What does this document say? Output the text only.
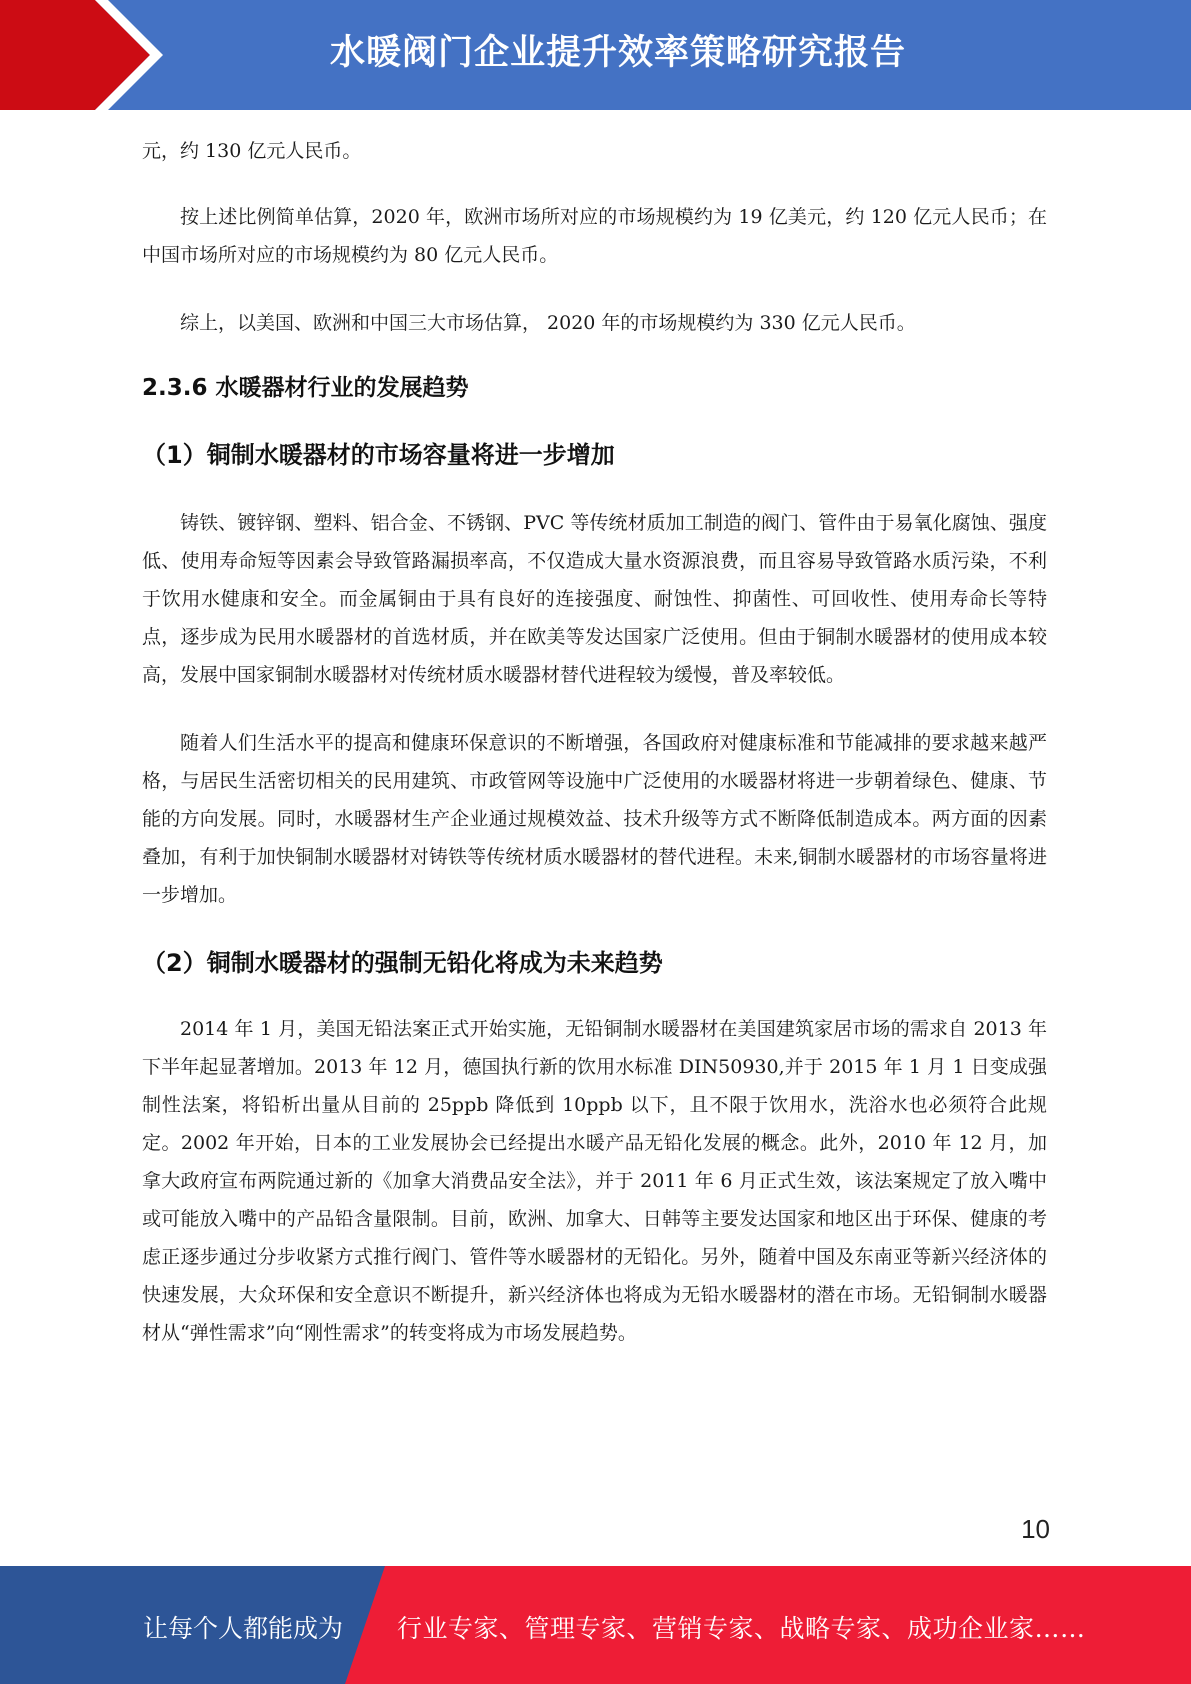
水暖阀门企业提升效率策略研究报告

元，约 130 亿元人民币。

按上述比例简单估算，2020 年，欧洲市场所对应的市场规模约为 19 亿美元，约 120 亿元人民币；在中国市场所对应的市场规模约为 80 亿元人民币。

综上，以美国、欧洲和中国三大市场估算， 2020 年的市场规模约为 330 亿元人民币。

2.3.6 水暖器材行业的发展趋势
（1）铜制水暖器材的市场容量将进一步增加

铸铁、镀锌钢、塑料、铝合金、不锈钢、PVC 等传统材质加工制造的阀门、管件由于易氧化腐蚀、强度低、使用寿命短等因素会导致管路漏损率高，不仅造成大量水资源浪费，而且容易导致管路水质污染，不利于饮用水健康和安全。而金属铜由于具有良好的连接强度、耐蚀性、抑菌性、可回收性、使用寿命长等特点，逐步成为民用水暖器材的首选材质，并在欧美等发达国家广泛使用。但由于铜制水暖器材的使用成本较高，发展中国家铜制水暖器材对传统材质水暖器材替代进程较为缓慢，普及率较低。

随着人们生活水平的提高和健康环保意识的不断增强，各国政府对健康标准和节能减排的要求越来越严格，与居民生活密切相关的民用建筑、市政管网等设施中广泛使用的水暖器材将进一步朝着绿色、健康、节能的方向发展。同时，水暖器材生产企业通过规模效益、技术升级等方式不断降低制造成本。两方面的因素叠加，有利于加快铜制水暖器材对铸铁等传统材质水暖器材的替代进程。未来,铜制水暖器材的市场容量将进一步增加。

（2）铜制水暖器材的强制无铅化将成为未来趋势

2014 年 1 月，美国无铅法案正式开始实施，无铅铜制水暖器材在美国建筑家居市场的需求自 2013 年下半年起显著增加。2013 年 12 月，德国执行新的饮用水标准 DIN50930,并于 2015 年 1 月 1 日变成强制性法案，将铅析出量从目前的 25ppb 降低到 10ppb 以下，且不限于饮用水，洗浴水也必须符合此规定。2002 年开始，日本的工业发展协会已经提出水暖产品无铅化发展的概念。此外，2010 年 12 月，加拿大政府宣布两院通过新的《加拿大消费品安全法》，并于 2011 年 6 月正式生效，该法案规定了放入嘴中或可能放入嘴中的产品铅含量限制。目前，欧洲、加拿大、日韩等主要发达国家和地区出于环保、健康的考虑正逐步通过分步收紧方式推行阀门、管件等水暖器材的无铅化。另外，随着中国及东南亚等新兴经济体的快速发展，大众环保和安全意识不断提升，新兴经济体也将成为无铅水暖器材的潜在市场。无铅铜制水暖器材从“弹性需求”向“刚性需求”的转变将成为市场发展趋势。

10
让每个人都能成为 行业专家、管理专家、营销专家、战略专家、成功企业家……
